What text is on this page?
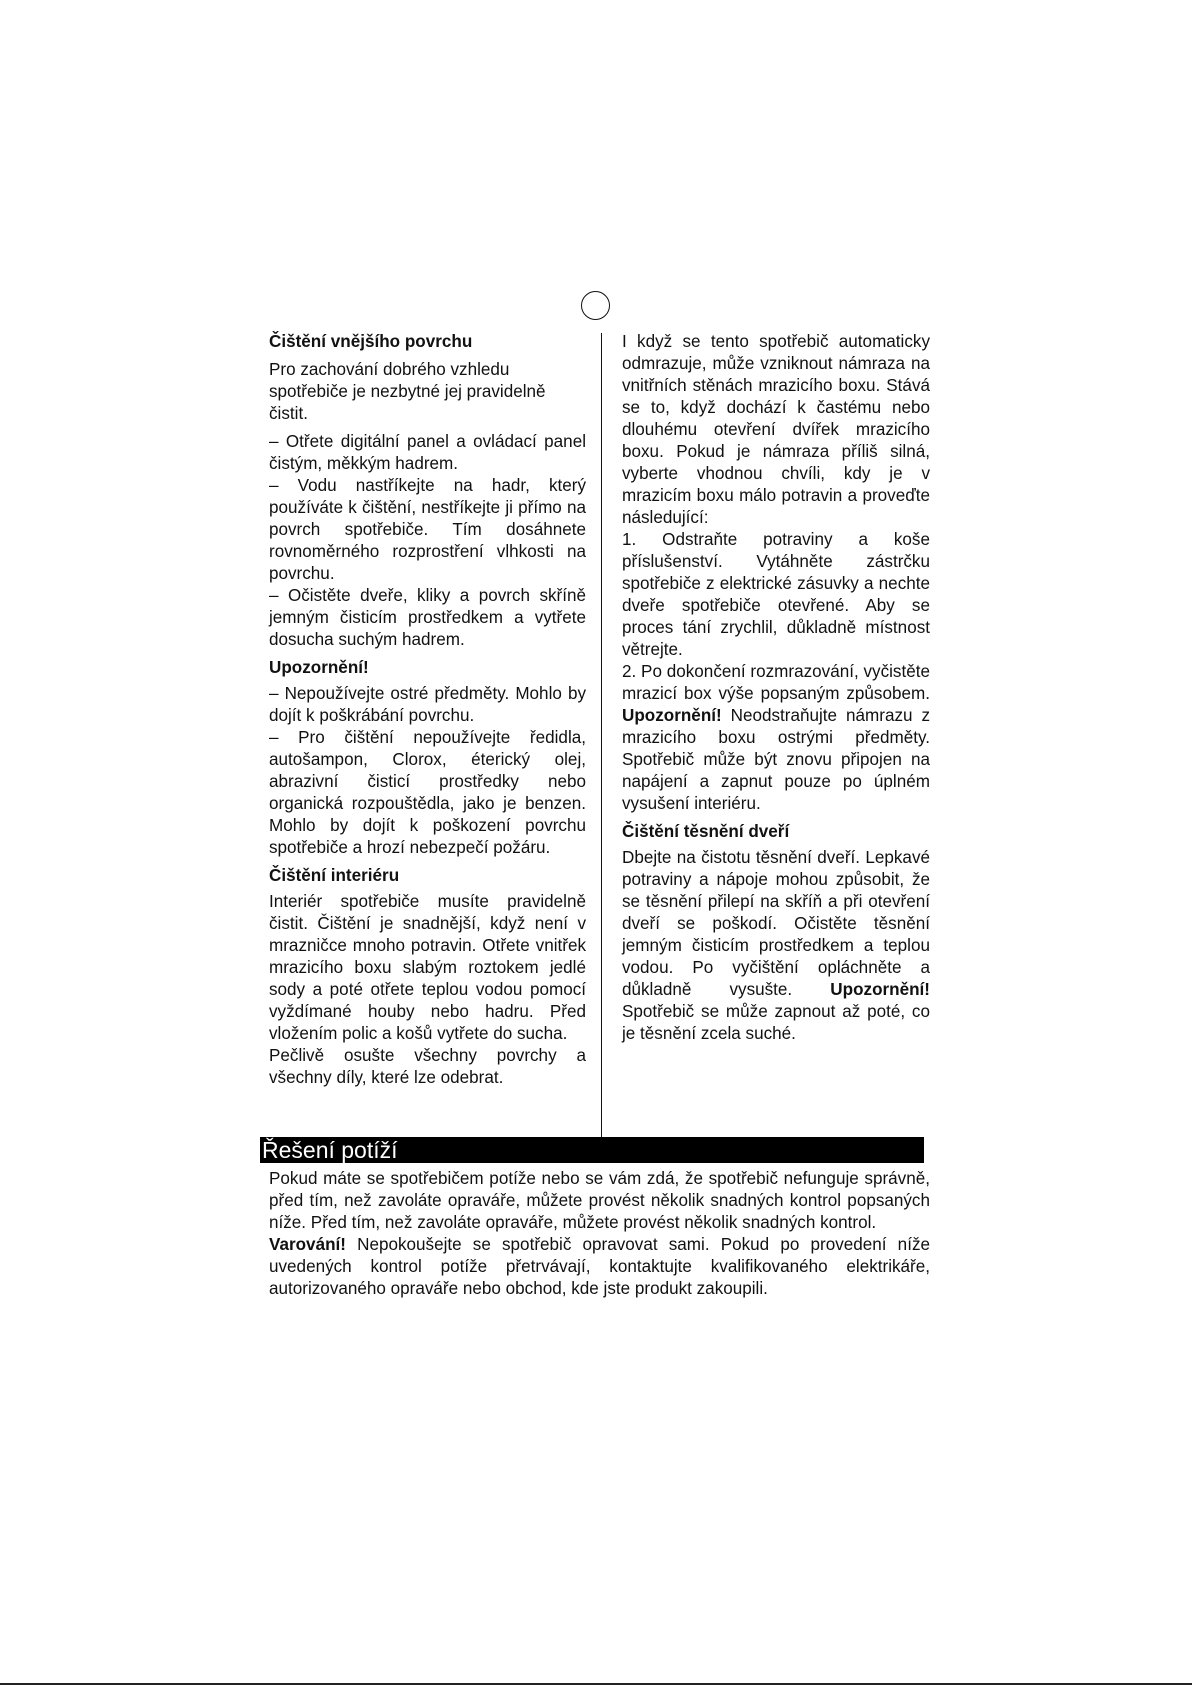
Čištění vnějšího povrchu

Pro zachování dobrého vzhledu spotřebiče je nezbytné jej pravidelně čistit.

– Otřete digitální panel a ovládací panel čistým, měkkým hadrem.

– Vodu nastříkejte na hadr, který používáte k čištění, nestříkejte ji přímo na povrch spotřebiče. Tím dosáhnete rovnoměrného rozprostření vlhkosti na povrchu.

– Očistěte dveře, kliky a povrch skříně jemným čisticím prostředkem a vytřete dosucha suchým hadrem.

Upozornění!

– Nepoužívejte ostré předměty. Mohlo by dojít k poškrábání povrchu.

– Pro čištění nepoužívejte ředidla, autošampon, Clorox, éterický olej, abrazivní čisticí prostředky nebo organická rozpouštědla, jako je benzen. Mohlo by dojít k poškození povrchu spotřebiče a hrozí nebezpečí požáru.

Čištění interiéru

Interiér spotřebiče musíte pravidelně čistit. Čištění je snadnější, když není v mrazničce mnoho potravin. Otřete vnitřek mrazicího boxu slabým roztokem jedlé sody a poté otřete teplou vodou pomocí vyždímané houby nebo hadru. Před vložením polic a košů vytřete do sucha.

Pečlivě osušte všechny povrchy a všechny díly, které lze odebrat.

I když se tento spotřebič automaticky odmrazuje, může vzniknout námraza na vnitřních stěnách mrazicího boxu. Stává se to, když dochází k častému nebo dlouhému otevření dvířek mrazicího boxu. Pokud je námraza příliš silná, vyberte vhodnou chvíli, kdy je v mrazicím boxu málo potravin a proveďte následující:

1. Odstraňte potraviny a koše příslušenství. Vytáhněte zástrčku spotřebiče z elektrické zásuvky a nechte dveře spotřebiče otevřené. Aby se proces tání zrychlil, důkladně místnost větrejte.

2. Po dokončení rozmrazování, vyčistěte mrazicí box výše popsaným způsobem. Upozornění! Neodstraňujte námrazu z mrazicího boxu ostrými předměty. Spotřebič může být znovu připojen na napájení a zapnut pouze po úplném vysušení interiéru.

Čištění těsnění dveří

Dbejte na čistotu těsnění dveří. Lepkavé potraviny a nápoje mohou způsobit, že se těsnění přilepí na skříň a při otevření dveří se poškodí. Očistěte těsnění jemným čisticím prostředkem a teplou vodou. Po vyčištění opláchněte a důkladně vysušte. Upozornění! Spotřebič se může zapnout až poté, co je těsnění zcela suché.

Řešení potíží

Pokud máte se spotřebičem potíže nebo se vám zdá, že spotřebič nefunguje správně, před tím, než zavoláte opraváře, můžete provést několik snadných kontrol popsaných níže. Před tím, než zavoláte opraváře, můžete provést několik snadných kontrol.

Varování! Nepokoušejte se spotřebič opravovat sami. Pokud po provedení níže uvedených kontrol potíže přetrvávají, kontaktujte kvalifikovaného elektrikáře, autorizovaného opraváře nebo obchod, kde jste produkt zakoupili.
